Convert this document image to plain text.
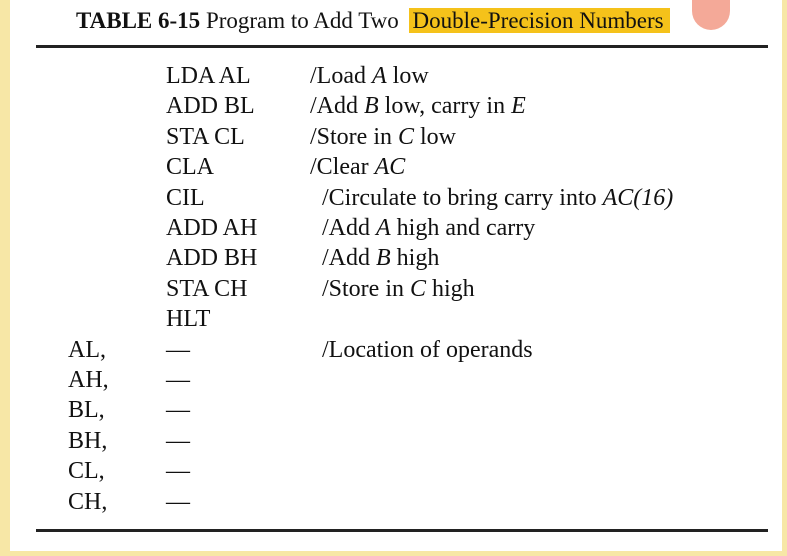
TABLE 6-15 Program to Add Two Double-Precision Numbers
LDA AL /Load A low
ADD BL /Add B low, carry in E
STA CL	/Store in C low
CLA	/Clear AC
CIL	/Circulate to bring carry into AC(16)
ADD AH	/Add A high and carry
ADD BH	/Add B high
STA CH	/Store in C high
HLT
AL,	—	/Location of operands
AH, —
BL,	—
BH, —
CL,	—
CH, —
